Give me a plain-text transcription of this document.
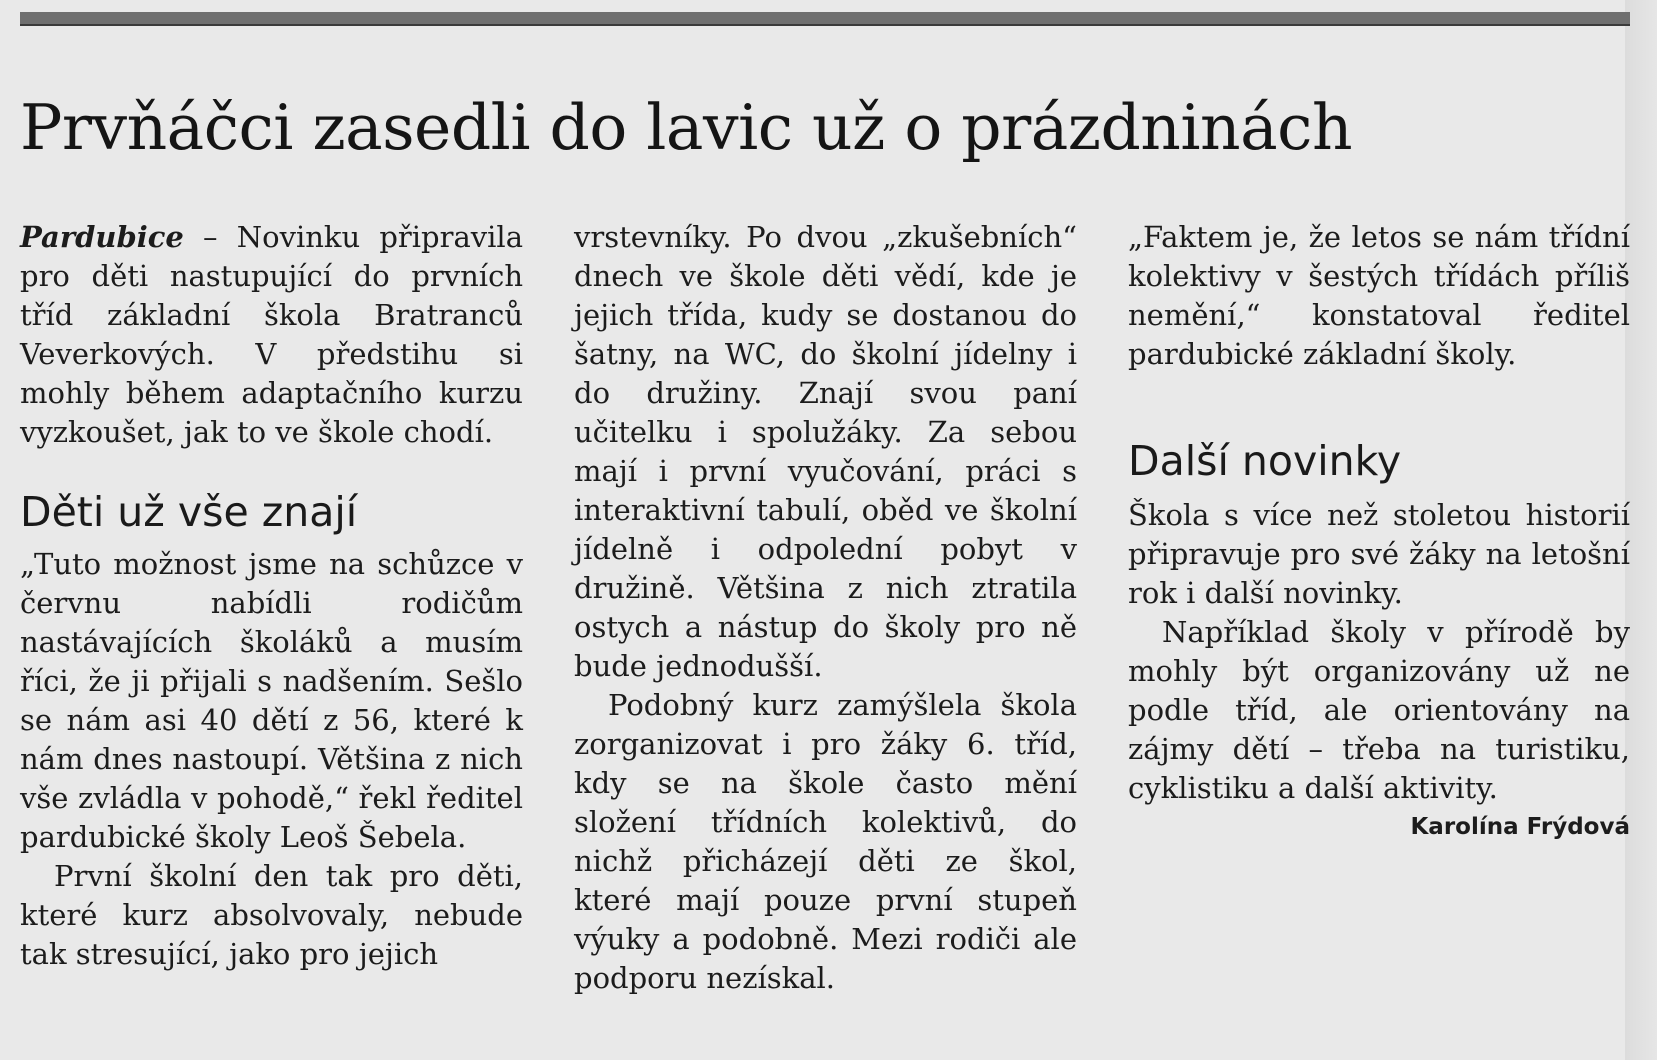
Prvňáčci zasedli do lavic už o prázdninách

Pardubice – Novinku připravila pro děti nastupující do prvních tříd základní škola Bratranců Veverkových. V předstihu si mohly během adaptačního kurzu vyzkoušet, jak to ve škole chodí.

Děti už vše znají

„Tuto možnost jsme na schůzce v červnu nabídli rodičům nastávajících školáků a musím říci, že ji přijali s nadšením. Sešlo se nám asi 40 dětí z 56, které k nám dnes nastoupí. Většina z nich vše zvládla v pohodě,“ řekl ředitel pardubické školy Leoš Šebela.

První školní den tak pro děti, které kurz absolvovaly, nebude tak stresující, jako pro jejich

vrstevníky. Po dvou „zkušebních“ dnech ve škole děti vědí, kde je jejich třída, kudy se dostanou do šatny, na WC, do školní jídelny i do družiny. Znají svou paní učitelku i spolužáky. Za sebou mají i první vyučování, práci s interaktivní tabulí, oběd ve školní jídelně i odpolední pobyt v družině. Většina z nich ztratila ostych a nástup do školy pro ně bude jednodušší.

Podobný kurz zamýšlela škola zorganizovat i pro žáky 6. tříd, kdy se na škole často mění složení třídních kolektivů, do nichž přicházejí děti ze škol, které mají pouze první stupeň výuky a podobně. Mezi rodiči ale podporu nezískal.

„Faktem je, že letos se nám třídní kolektivy v šestých třídách příliš nemění,“ konstatoval ředitel pardubické základní školy.

Další novinky

Škola s více než stoletou historií připravuje pro své žáky na letošní rok i další novinky.

Například školy v přírodě by mohly být organizovány už ne podle tříd, ale orientovány na zájmy dětí – třeba na turistiku, cyklistiku a další aktivity.
Karolína Frýdová
